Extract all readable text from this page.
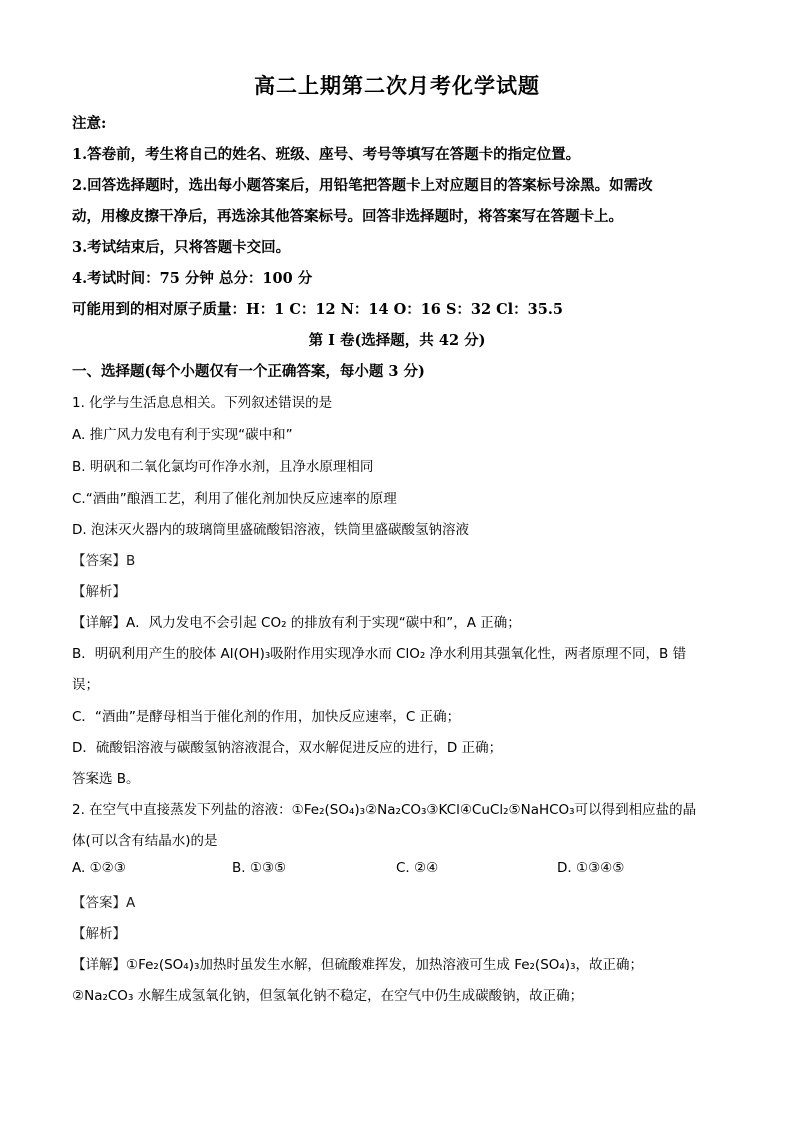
高二上期第二次月考化学试题
注意:
1.答卷前，考生将自己的姓名、班级、座号、考号等填写在答题卡的指定位置。
2.回答选择题时，选出每小题答案后，用铅笔把答题卡上对应题目的答案标号涂黑。如需改
动，用橡皮擦干净后，再选涂其他答案标号。回答非选择题时，将答案写在答题卡上。
3.考试结束后，只将答题卡交回。
4.考试时间：75 分钟 总分：100 分
可能用到的相对原子质量：H：1 C：12 N：14 O：16 S：32 Cl：35.5
第 I 卷(选择题，共 42 分)
一、选择题(每个小题仅有一个正确答案，每小题 3 分)
1. 化学与生活息息相关。下列叙述错误的是
A. 推广风力发电有利于实现“碳中和”
B. 明矾和二氧化氯均可作净水剂，且净水原理相同
C.“酒曲”酿酒工艺，利用了催化剂加快反应速率的原理
D. 泡沫灭火器内的玻璃筒里盛硫酸铝溶液，铁筒里盛碳酸氢钠溶液
【答案】B
【解析】
【详解】A．风力发电不会引起 CO₂ 的排放有利于实现“碳中和”，A 正确；
B．明矾利用产生的胶体 Al(OH)₃吸附作用实现净水而 ClO₂ 净水利用其强氧化性，两者原理不同，B 错
误；
C．“酒曲”是酵母相当于催化剂的作用，加快反应速率，C 正确；
D．硫酸铝溶液与碳酸氢钠溶液混合，双水解促进反应的进行，D 正确；
答案选 B。
2. 在空气中直接蒸发下列盐的溶液：①Fe₂(SO₄)₃②Na₂CO₃③KCl④CuCl₂⑤NaHCO₃可以得到相应盐的晶
体(可以含有结晶水)的是
A. ①②③	B. ①③⑤	C. ②④	D. ①③④⑤
【答案】A
【解析】
【详解】①Fe₂(SO₄)₃加热时虽发生水解，但硫酸难挥发，加热溶液可生成 Fe₂(SO₄)₃，故正确；
②Na₂CO₃ 水解生成氢氧化钠，但氢氧化钠不稳定，在空气中仍生成碳酸钠，故正确；
